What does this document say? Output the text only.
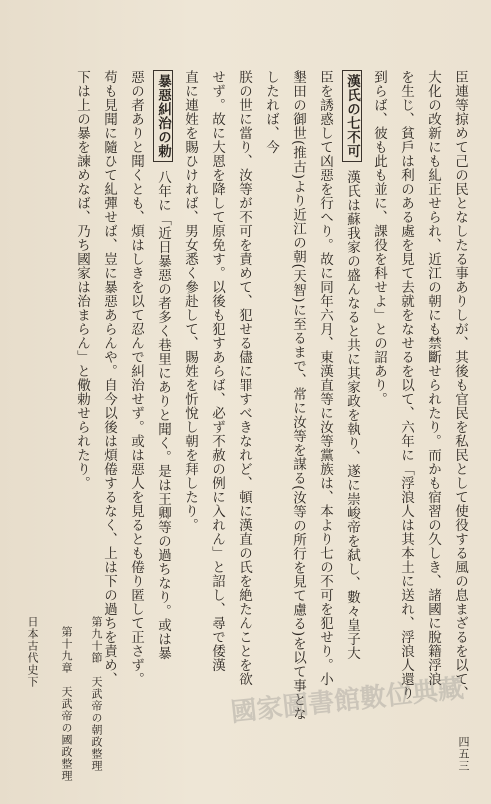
臣連等掠めて己の民となしたる事ありしが、其後も官民を私民として使役する風の息まざるを以て、
大化の改新にも糺正せられ、近江の朝にも禁斷せられたり。而かも宿習の久しき、諸國に脫籍浮浪
を生じ、貧戶は利のある處を見て去就をなせるを以て、六年に「浮浪人は其本土に送れ、浮浪人還り
到らば、彼も此も並に、課役を科せよ」との詔あり。
漢氏の七不可漢氏は蘇我家の盛んなると共に其家政を執り、遂に崇峻帝を弑し、數々皇子大
臣を誘惑して凶惡を行へり。故に同年六月、東漢直等に汝等黨族は、本より七の不可を犯せり。小
墾田の御世(推古)より近江の朝(天智)に至るまで、常に汝等を謀る(汝等の所行を見て慮る)を以て事となしたれば、今
朕の世に當り、汝等が不可を責めて、犯せる儘に罪すべきなれど、頓に漢直の氏を絶たんことを欲
せず。故に大恩を降して原免す。以後も犯すあらば、必ず不赦の例に入れん」と詔し、尋で倭漢
直に連姓を賜ひければ、男女悉く參赴して、賜姓を忻悅し朝を拜したり。
暴惡糾治の勅八年に「近日暴惡の者多く巷里にありと聞く。是は王卿等の過ちなり。或は暴
惡の者ありと聞くとも、煩はしきを以て忍んで糾治せず。或は惡人を見るとも倦り匿して正さず。
苟も見聞に隨ひて糺彈せば、豈に暴惡あらんや。自今以後は煩倦するなく、上は下の過ちを責め、
下は上の暴を諫めなば、乃ち國家は治まらん」と儆勅せられたり。
日本古代史下 第十九章　天武帝の國政整理 第九十節　天武帝の朝政整理	四五三
國家圖書館數位典藏
